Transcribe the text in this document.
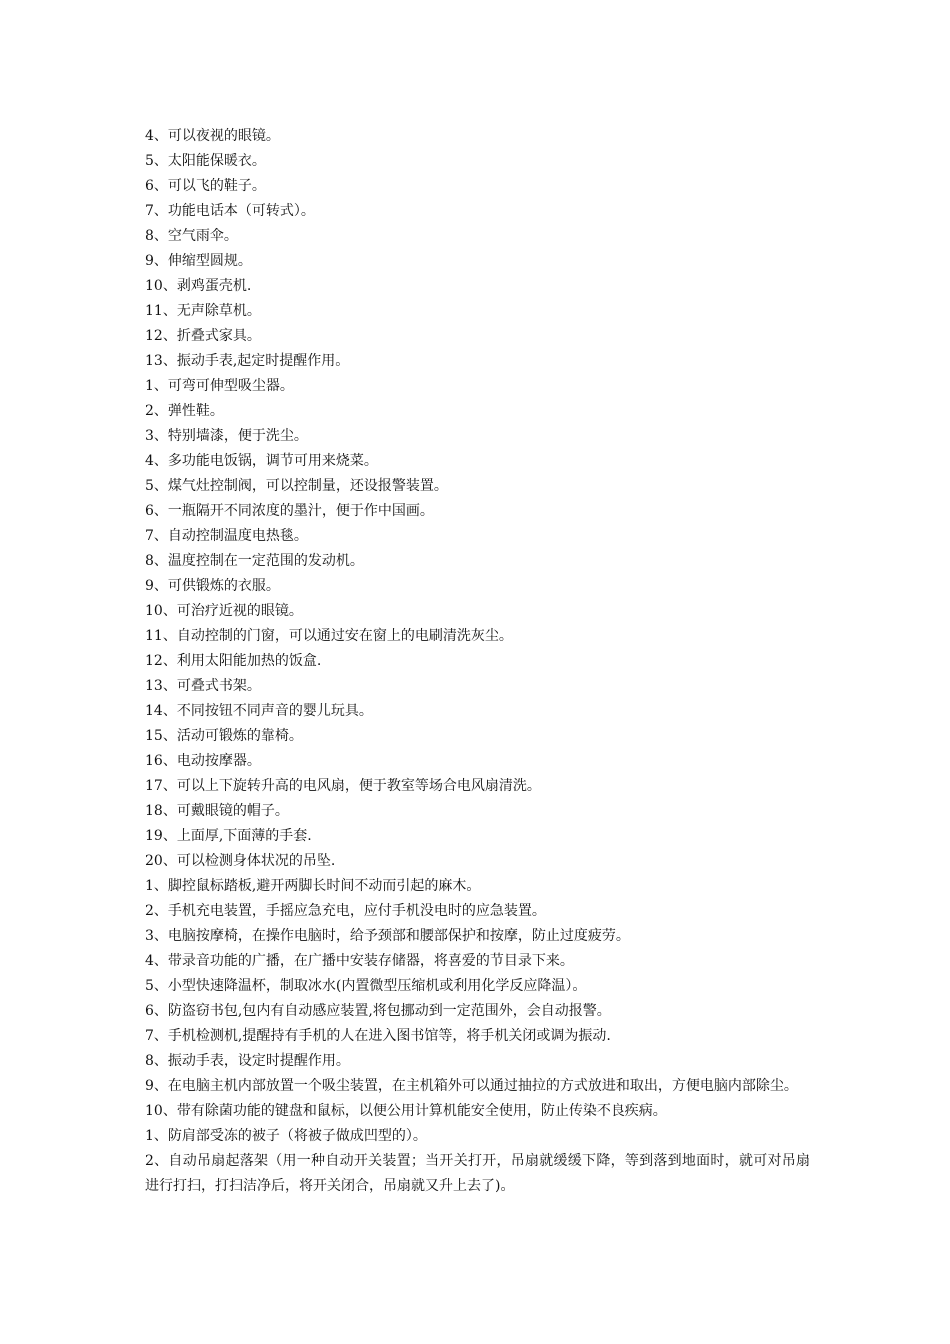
4、可以夜视的眼镜。
5、太阳能保暖衣。
6、可以飞的鞋子。
7、功能电话本（可转式）。
8、空气雨伞。
9、伸缩型圆规。
10、剥鸡蛋壳机.
11、无声除草机。
12、折叠式家具。
13、振动手表,起定时提醒作用。
1、可弯可伸型吸尘器。
2、弹性鞋。
3、特别墙漆，便于洗尘。
4、多功能电饭锅，调节可用来烧菜。
5、煤气灶控制阀，可以控制量，还设报警装置。
6、一瓶隔开不同浓度的墨汁，便于作中国画。
7、自动控制温度电热毯。
8、温度控制在一定范围的发动机。
9、可供锻炼的衣服。
10、可治疗近视的眼镜。
11、自动控制的门窗，可以通过安在窗上的电刷清洗灰尘。
12、利用太阳能加热的饭盒.
13、可叠式书架。
14、不同按钮不同声音的婴儿玩具。
15、活动可锻炼的靠椅。
16、电动按摩器。
17、可以上下旋转升高的电风扇，便于教室等场合电风扇清洗。
18、可戴眼镜的帽子。
19、上面厚,下面薄的手套.
20、可以检测身体状况的吊坠.
1、脚控鼠标踏板,避开两脚长时间不动而引起的麻木。
2、手机充电装置，手摇应急充电，应付手机没电时的应急装置。
3、电脑按摩椅，在操作电脑时，给予颈部和腰部保护和按摩，防止过度疲劳。
4、带录音功能的广播，在广播中安装存储器，将喜爱的节目录下来。
5、小型快速降温杯，制取冰水(内置微型压缩机或利用化学反应降温）。
6、防盗窃书包,包内有自动感应装置,将包挪动到一定范围外，会自动报警。
7、手机检测机,提醒持有手机的人在进入图书馆等，将手机关闭或调为振动.
8、振动手表，设定时提醒作用。
9、在电脑主机内部放置一个吸尘装置，在主机箱外可以通过抽拉的方式放进和取出，方便电脑内部除尘。
10、带有除菌功能的键盘和鼠标，以便公用计算机能安全使用，防止传染不良疾病。
1、防肩部受冻的被子（将被子做成凹型的）。
2、自动吊扇起落架（用一种自动开关装置；当开关打开，吊扇就缓缓下降，等到落到地面时，就可对吊扇进行打扫，打扫洁净后，将开关闭合，吊扇就又升上去了)。
